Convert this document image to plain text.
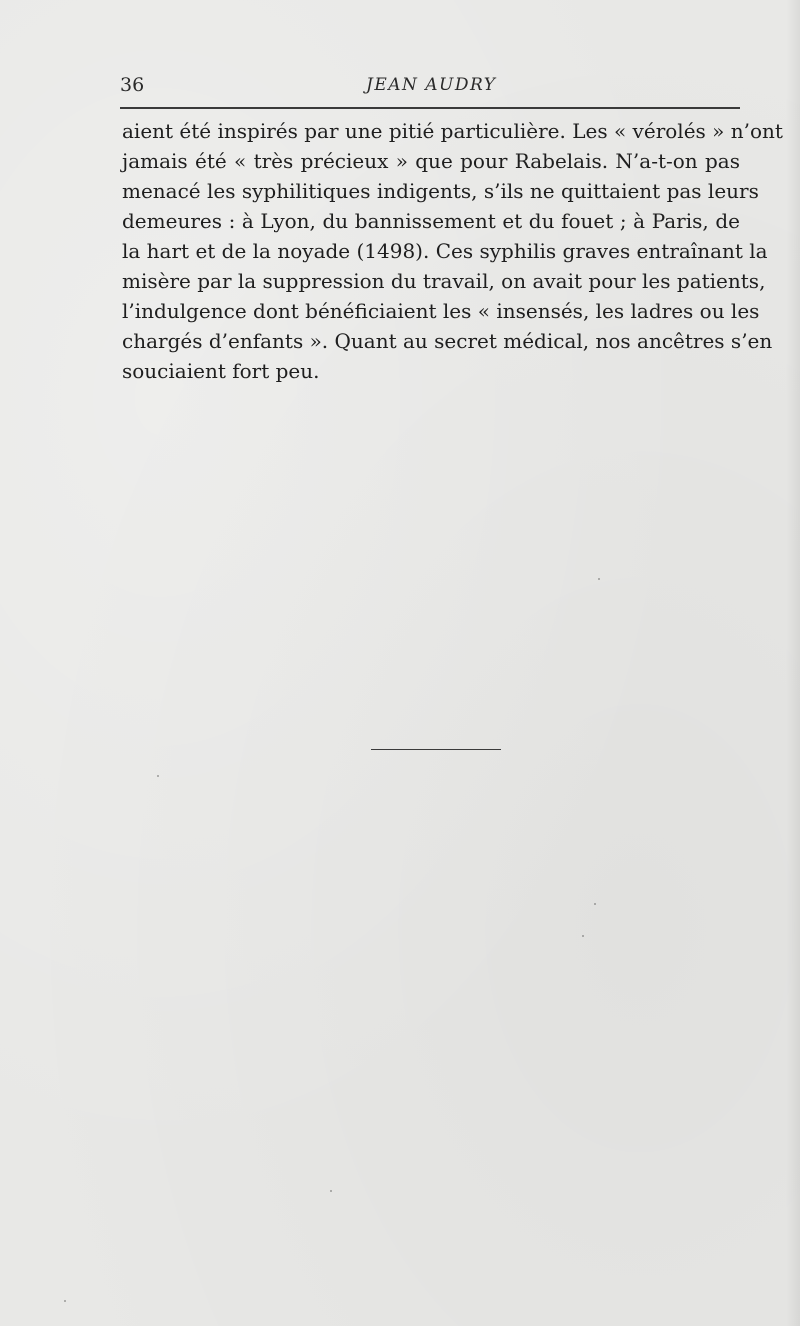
36	JEAN AUDRY
aient été inspirés par une pitié particulière. Les « vérolés » n’ont
jamais été « très précieux » que pour Rabelais. N’a-t-on pas
menacé les syphilitiques indigents, s’ils ne quittaient pas leurs
demeures : à Lyon, du bannissement et du fouet ; à Paris, de
la hart et de la noyade (1498). Ces syphilis graves entraînant la
misère par la suppression du travail, on avait pour les patients,
l’indulgence dont bénéficiaient les « insensés, les ladres ou les
chargés d’enfants ». Quant au secret médical, nos ancêtres s’en
souciaient fort peu.
